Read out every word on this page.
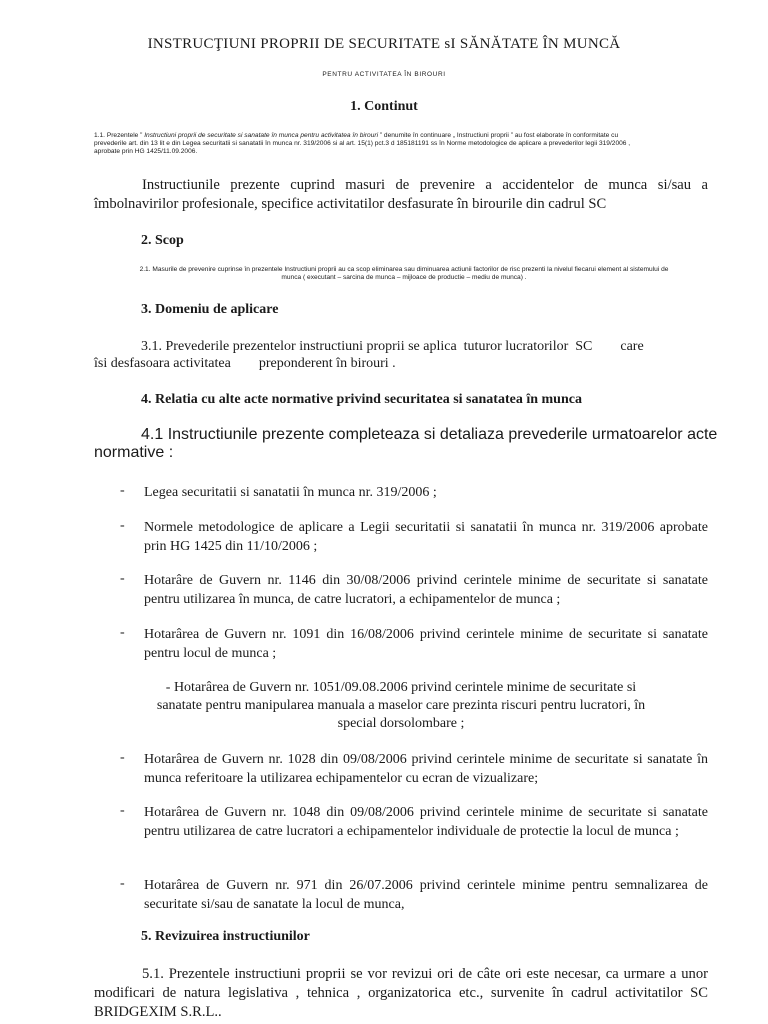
INSTRUCŢIUNI PROPRII DE SECURITATE sI SĂNĂTATE ÎN MUNCĂ
PENTRU ACTIVITATEA ÎN BIROURI
1. Continut
1.1. Prezentele ” Instructiuni proprii de securitate si sanatate în munca pentru activitatea în birouri ” denumite în continuare „ Instructiuni proprii ” au fost elaborate în conformitate cu
prevederile art. din 13 lit e din Legea securitatii si sanatatii în munca nr. 319/2006 si al art. 15(1) pct.3 d 185181191 ss în Norme metodologice de aplicare a prevederilor legii 319/2006 ,
aprobate prin HG 1425/11.09.2006.
Instructiunile prezente cuprind masuri de prevenire a accidentelor de munca si/sau a îmbolnavirilor profesionale, specifice activitatilor desfasurate în birourile din cadrul SC
2. Scop
2.1. Masurile de prevenire cuprinse în prezentele Instructiuni proprii au ca scop eliminarea sau diminuarea actiunii factorilor de risc prezenti la nivelul fiecarui element al sistemului de
munca ( executant – sarcina de munca – mijloace de productie – mediu de munca) .
3. Domeniu de aplicare
3.1. Prevederile prezentelor instructiuni proprii se aplica  tuturor lucratorilor  SC        care
îsi desfasoara activitatea        preponderent în birouri .
4. Relatia cu alte acte normative privind securitatea si sanatatea în munca
4.1 Instructiunile prezente completeaza si detaliaza prevederile urmatoarelor acte
normative :
- Legea securitatii si sanatatii în munca nr. 319/2006 ;
- Normele metodologice de aplicare a Legii securitatii si sanatatii în munca nr. 319/2006 aprobate prin HG 1425 din 11/10/2006 ;
- Hotarâre de Guvern nr. 1146 din 30/08/2006 privind cerintele minime de securitate si sanatate pentru utilizarea în munca, de catre lucratori, a echipamentelor de munca ;
- Hotarârea de Guvern nr. 1091 din 16/08/2006 privind cerintele minime de securitate si sanatate pentru locul de munca ;
- Hotarârea de Guvern nr. 1051/09.08.2006 privind cerintele minime de securitate si
sanatate pentru manipularea manuala a maselor care prezinta riscuri pentru lucratori, în
special dorsolombare ;
- Hotarârea de Guvern nr. 1028 din 09/08/2006 privind cerintele minime de securitate si sanatate în munca referitoare la utilizarea echipamentelor cu ecran de vizualizare;
- Hotarârea de Guvern nr. 1048 din 09/08/2006 privind cerintele minime de securitate si sanatate pentru utilizarea de catre lucratori a echipamentelor individuale de protectie la locul de munca ;
- Hotarârea de Guvern nr. 971 din 26/07.2006 privind cerintele minime pentru semnalizarea de securitate si/sau de sanatate la locul de munca,
5. Revizuirea instructiunilor
5.1. Prezentele instructiuni proprii se vor revizui ori de câte ori este necesar, ca urmare a unor modificari de natura legislativa , tehnica , organizatorica etc., survenite în cadrul activitatilor SC BRIDGEXIM S.R.L..
